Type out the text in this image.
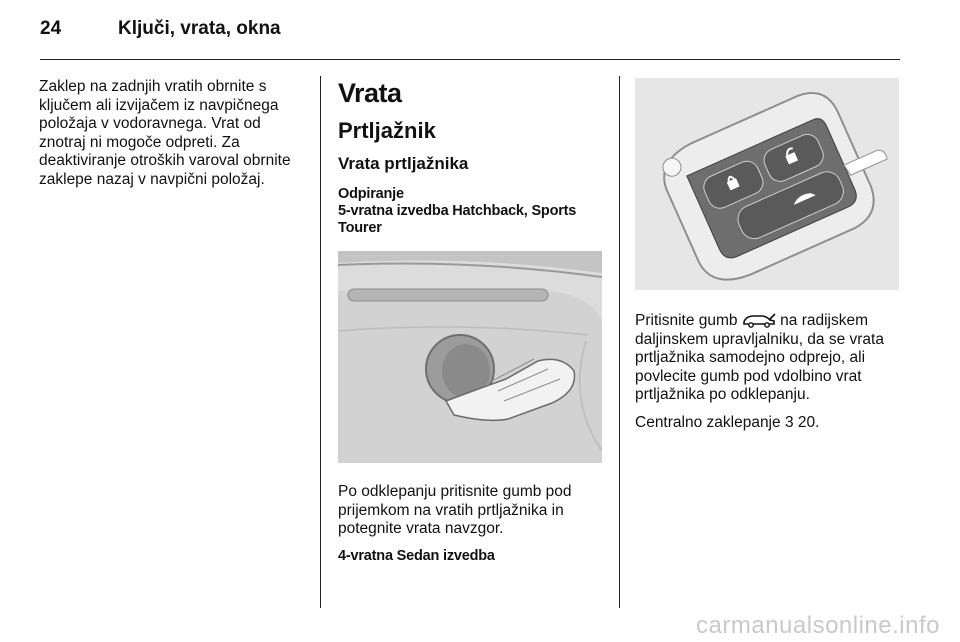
24	Ključi, vrata, okna

Zaklep na zadnjih vratih obrnite s ključem ali izvijačem iz navpičnega položaja v vodoravnega. Vrat od znotraj ni mogoče odpreti. Za deaktiviranje otroških varoval obrnite zaklepe nazaj v navpični položaj.

Vrata
Prtljažnik
Vrata prtljažnika
Odpiranje
5-vratna izvedba Hatchback, Sports Tourer

Po odklepanju pritisnite gumb pod prijemkom na vratih prtljažnika in potegnite vrata navzgor.

4-vratna Sedan izvedba

Pritisnite gumb	na radijskem daljinskem upravljalniku, da se vrata prtljažnika samodejno odprejo, ali povlecite gumb pod vdolbino vrat prtljažnika po odklepanju.

Centralno zaklepanje 3 20.

carmanualsonline.info
